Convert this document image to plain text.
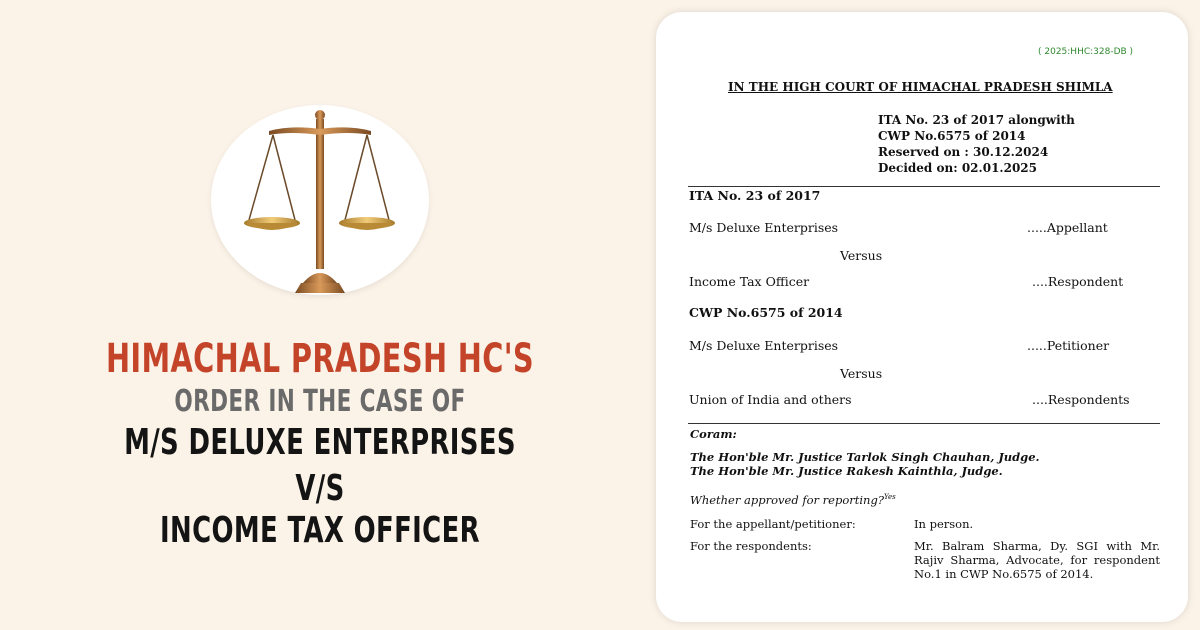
HIMACHAL PRADESH HC'S
ORDER IN THE CASE OF
M/S DELUXE ENTERPRISES
V/S
INCOME TAX OFFICER
( 2025:HHC:328-DB )
IN THE HIGH COURT OF HIMACHAL PRADESH SHIMLA
ITA No. 23 of 2017 alongwith
CWP No.6575 of 2014
Reserved on : 30.12.2024
Decided on: 02.01.2025
ITA No. 23 of 2017
M/s Deluxe Enterprises	.....Appellant
Versus
Income Tax Officer	....Respondent
CWP No.6575 of 2014
M/s Deluxe Enterprises	.....Petitioner
Versus
Union of India and others	....Respondents
Coram:
The Hon'ble Mr. Justice Tarlok Singh Chauhan, Judge.
The Hon'ble Mr. Justice Rakesh Kainthla, Judge.
Whether approved for reporting?$^{Yes}$
For the appellant/petitioner:	In person.
For the respondents:	Mr. Balram Sharma, Dy. SGI with Mr. Rajiv Sharma, Advocate, for respondent No.1 in CWP No.6575 of 2014.
